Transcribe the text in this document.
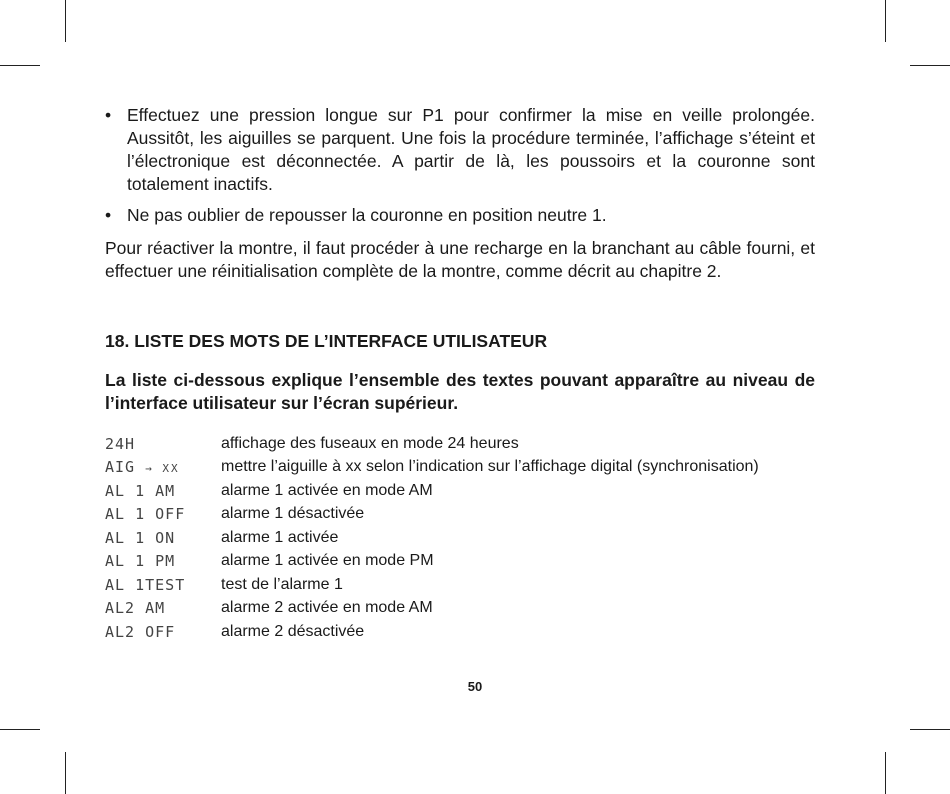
• Effectuez une pression longue sur P1 pour confirmer la mise en veille prolongée. Aussitôt, les aiguilles se parquent. Une fois la procédure terminée, l’affichage s’éteint et l’électronique est déconnectée. A partir de là, les poussoirs et la couronne sont totalement inactifs.

• Ne pas oublier de repousser la couronne en position neutre 1.

Pour réactiver la montre, il faut procéder à une recharge en la branchant au câble fourni, et effectuer une réinitialisation complète de la montre, comme décrit au chapitre 2.

18. LISTE DES MOTS DE L’INTERFACE UTILISATEUR

La liste ci-dessous explique l’ensemble des textes pouvant apparaître au niveau de l’interface utilisateur sur l’écran supérieur.

24H	affichage des fuseaux en mode 24 heures
AIG → XX	mettre l’aiguille à xx selon l’indication sur l’affichage digital (synchronisation)
AL 1 AM	alarme 1 activée en mode AM
AL 1 OFF	alarme 1 désactivée
AL 1 ON	alarme 1 activée
AL 1 PM	alarme 1 activée en mode PM
AL 1TEST	test de l’alarme 1
AL2 AM	alarme 2 activée en mode AM
AL2 OFF	alarme 2 désactivée
50
